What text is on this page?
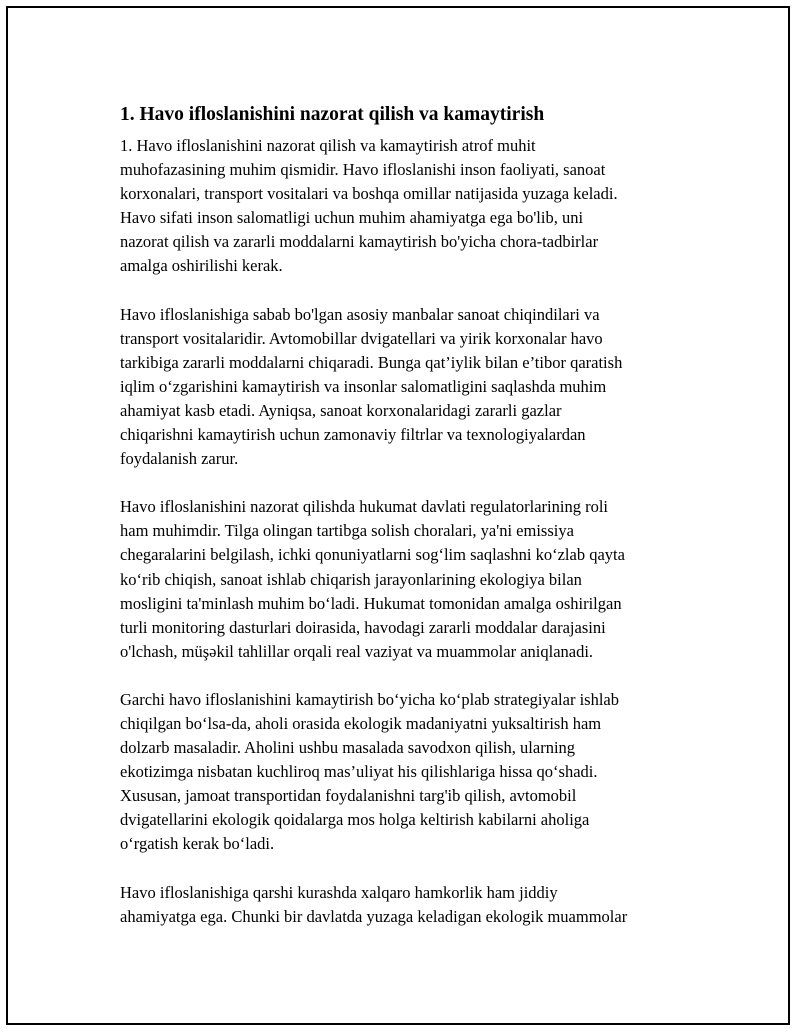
1. Havo ifloslanishini nazorat qilish va kamaytirish

1. Havo ifloslanishini nazorat qilish va kamaytirish atrof muhit
muhofazasining muhim qismidir. Havo ifloslanishi inson faoliyati, sanoat
korxonalari, transport vositalari va boshqa omillar natijasida yuzaga keladi.
Havo sifati inson salomatligi uchun muhim ahamiyatga ega bo'lib, uni
nazorat qilish va zararli moddalarni kamaytirish bo'yicha chora-tadbirlar
amalga oshirilishi kerak.

Havo ifloslanishiga sabab bo'lgan asosiy manbalar sanoat chiqindilari va
transport vositalaridir. Avtomobillar dvigatellari va yirik korxonalar havo
tarkibiga zararli moddalarni chiqaradi. Bunga qat’iylik bilan e’tibor qaratish
iqlim o‘zgarishini kamaytirish va insonlar salomatligini saqlashda muhim
ahamiyat kasb etadi. Ayniqsa, sanoat korxonalaridagi zararli gazlar
chiqarishni kamaytirish uchun zamonaviy filtrlar va texnologiyalardan
foydalanish zarur.

Havo ifloslanishini nazorat qilishda hukumat davlati regulatorlarining roli
ham muhimdir. Tilga olingan tartibga solish choralari, ya'ni emissiya
chegaralarini belgilash, ichki qonuniyatlarni sog‘lim saqlashni ko‘zlab qayta
ko‘rib chiqish, sanoat ishlab chiqarish jarayonlarining ekologiya bilan
mosligini ta'minlash muhim bo‘ladi. Hukumat tomonidan amalga oshirilgan
turli monitoring dasturlari doirasida, havodagi zararli moddalar darajasini
o'lchash, müşəkil tahlillar orqali real vaziyat va muammolar aniqlanadi.

Garchi havo ifloslanishini kamaytirish bo‘yicha ko‘plab strategiyalar ishlab
chiqilgan bo‘lsa-da, aholi orasida ekologik madaniyatni yuksaltirish ham
dolzarb masaladir. Aholini ushbu masalada savodxon qilish, ularning
ekotizimga nisbatan kuchliroq mas’uliyat his qilishlariga hissa qo‘shadi.
Xususan, jamoat transportidan foydalanishni targ'ib qilish, avtomobil
dvigatellarini ekologik qoidalarga mos holga keltirish kabilarni aholiga
o‘rgatish kerak bo‘ladi.

Havo ifloslanishiga qarshi kurashda xalqaro hamkorlik ham jiddiy
ahamiyatga ega. Chunki bir davlatda yuzaga keladigan ekologik muammolar
